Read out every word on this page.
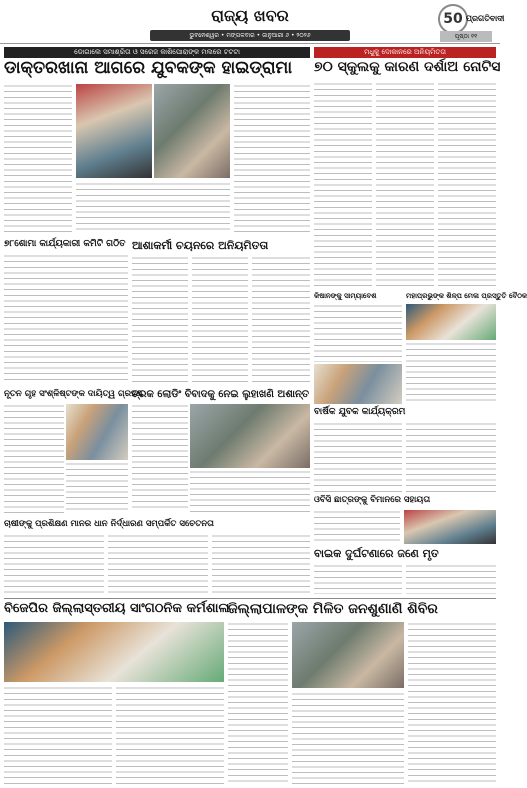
ରାଜ୍ୟ ଖବର
ଭୁବନେଶ୍ୱର • ମଙ୍ଗଳବାର • ଜାନୁଆରୀ ୬ • ୨୦୨୬
50 ପ୍ରଗତିବାଦୀ
ପୃଷ୍ଠା ୧୧
ଡୋଗାଲେ ସମାଶ୍ରିତା ଓ ସରେଜ କାଶିପୋରାଙ୍କ ମଲରେ ଟଟଟା
ଡାକ୍ତରଖାନା ଆଗରେ ଯୁବକଙ୍କ ହାଇଡ୍ରାମା
ମଧୁକୁ ଦୋକାନରେ ଅନିୟମିତତା
୭୦ ସ୍କୁଲକୁ କାରଣ ଦର୍ଶାଅ ନୋଟିସ
୭୮ଶୋମା କାର୍ଯ୍ୟକାରୀ କମିଟି ଗଠିତ ଆଶାକର୍ମୀ ଚୟନରେ ଅନିୟମିତତା
କିଷାନଙ୍କୁ ସାମ୍ୟାବେଶ	ମହାପ୍ରଭୁଙ୍କ ଶିଳ୍ପ ମେଳା ପ୍ରସ୍ତୁତି ବୈଠକ
ନୂତନ ଗୃହ ସଂଶ୍ଳିଷ୍ଟଙ୍କ ଦାୟିତ୍ୱ ଗ୍ରହଣ
ଟ୍ରକ ଲୋଡିଂ ବିବାଦକୁ ନେଇ ଲୁହାଖଣି ଅଶାନ୍ତ
ବାର୍ଷିକ ଯୁବକ କାର୍ଯ୍ୟକ୍ରମ
ଓବିସି ଛାତ୍ରଙ୍କୁ ବିମାନରେ ସହାୟତା
ଚାଷୀଙ୍କୁ ପ୍ରଶିକ୍ଷଣ ମାନର ଧାନ ନିର୍ଦ୍ଧାରଣ ସମ୍ପର୍କିତ ସଚେତନତା
ବାଇକ ଦୁର୍ଘଟଣାରେ ଜଣେ ମୃତ
ବିଜେପିର ଜିଲ୍ଲାସ୍ତରୀୟ ସାଂଗଠନିକ କର୍ମଶାଳା
ଜିଲ୍ଲାପାଳଙ୍କ ମିଳିତ ଜନଶୁଣାଣି ଶିବିର
